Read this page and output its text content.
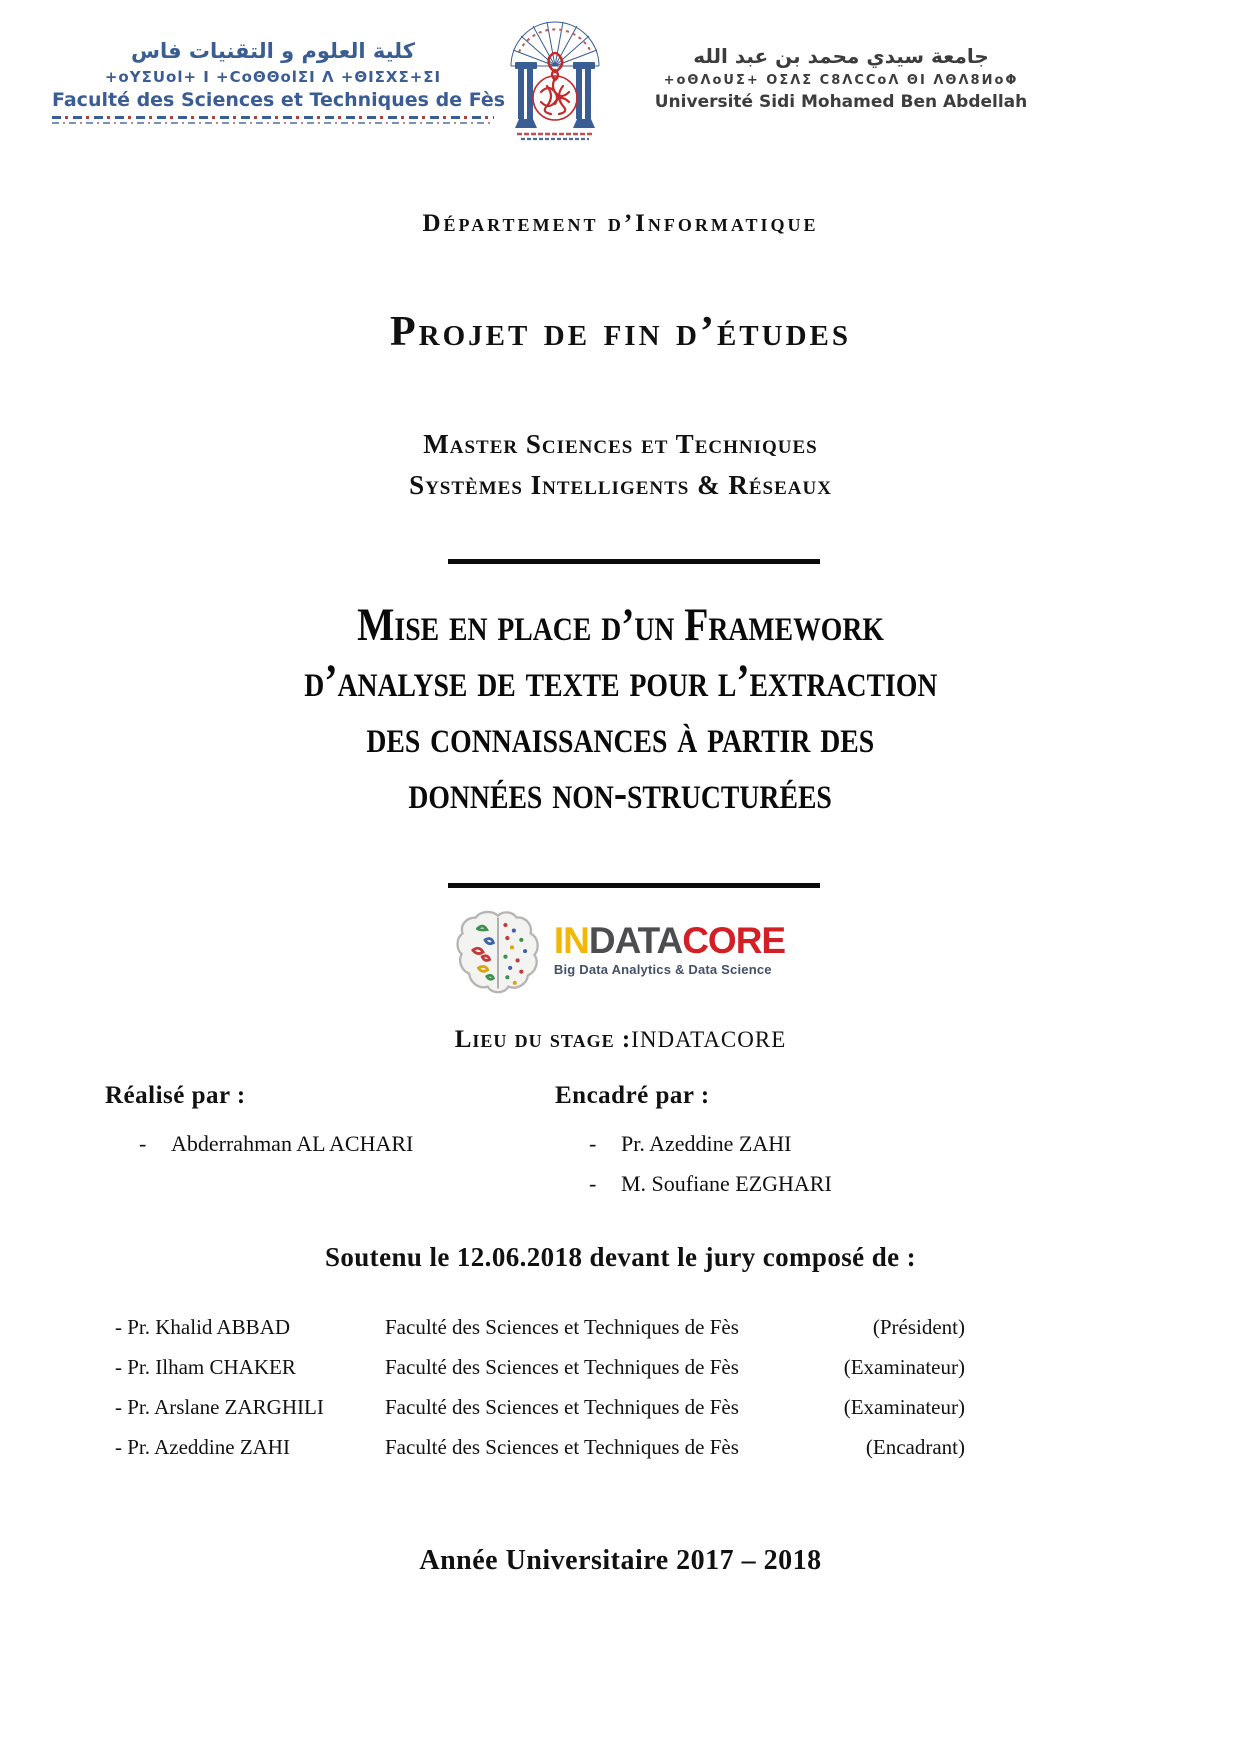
كلية العلوم و التقنيات فاس
+oYΣUol+ I +CoΘΘolΣI Λ +ΘIΣXΣ+ΣI
Faculté des Sciences et Techniques de Fès
جامعة سيدي محمد بن عبد الله
+oΘΛoUΣ+ ΟΣΛΣ C8ΛCCoΛ ΘI ΛΘΛ8ИoΦ
Université Sidi Mohamed Ben Abdellah
Département d’Informatique
Projet de fin d’études
Master Sciences et Techniques
Systèmes Intelligents & Réseaux
Mise en place d’un Framework
d’analyse de texte pour l’extraction
des connaissances à partir des
données non-structurées
INDATACORE
Big Data Analytics & Data Science
Lieu du stage :INDATACORE
Réalisé par :
- Abderrahman AL ACHARI
Encadré par :
- Pr. Azeddine ZAHI
- M. Soufiane EZGHARI
Soutenu le 12.06.2018 devant le jury composé de :
- Pr. Khalid ABBAD	Faculté des Sciences et Techniques de Fès	(Président)
- Pr. Ilham CHAKER	Faculté des Sciences et Techniques de Fès	(Examinateur)
- Pr. Arslane ZARGHILI	Faculté des Sciences et Techniques de Fès	(Examinateur)
- Pr. Azeddine ZAHI	Faculté des Sciences et Techniques de Fès	(Encadrant)
Année Universitaire 2017 – 2018
